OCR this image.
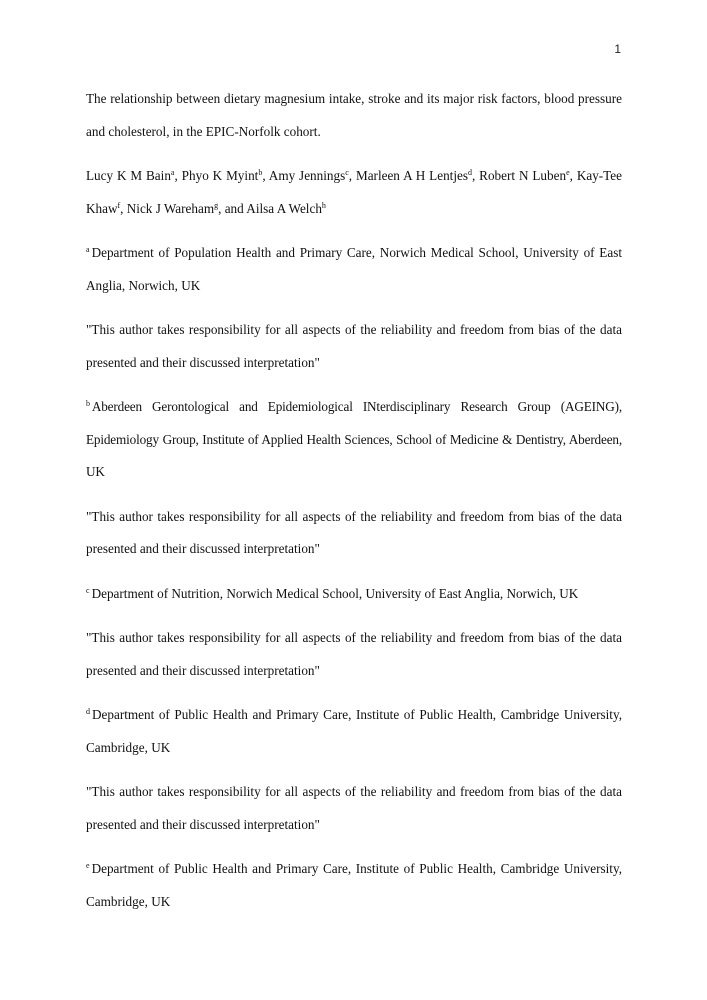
1

The relationship between dietary magnesium intake, stroke and its major risk factors, blood pressure and cholesterol, in the EPIC-Norfolk cohort.

Lucy K M Bain$^a$, Phyo K Myint$^b$, Amy Jennings$^c$, Marleen A H Lentjes$^d$, Robert N Luben$^e$, Kay-Tee Khaw$^f$, Nick J Wareham$^g$, and Ailsa A Welch$^h$

$^a$ Department of Population Health and Primary Care, Norwich Medical School, University of East Anglia, Norwich, UK

"This author takes responsibility for all aspects of the reliability and freedom from bias of the data presented and their discussed interpretation"

$^b$ Aberdeen Gerontological and Epidemiological INterdisciplinary Research Group (AGEING), Epidemiology Group, Institute of Applied Health Sciences, School of Medicine & Dentistry, Aberdeen, UK

"This author takes responsibility for all aspects of the reliability and freedom from bias of the data presented and their discussed interpretation"

$^c$ Department of Nutrition, Norwich Medical School, University of East Anglia, Norwich, UK

"This author takes responsibility for all aspects of the reliability and freedom from bias of the data presented and their discussed interpretation"

$^d$ Department of Public Health and Primary Care, Institute of Public Health, Cambridge University, Cambridge, UK

"This author takes responsibility for all aspects of the reliability and freedom from bias of the data presented and their discussed interpretation"

$^e$ Department of Public Health and Primary Care, Institute of Public Health, Cambridge University, Cambridge, UK
